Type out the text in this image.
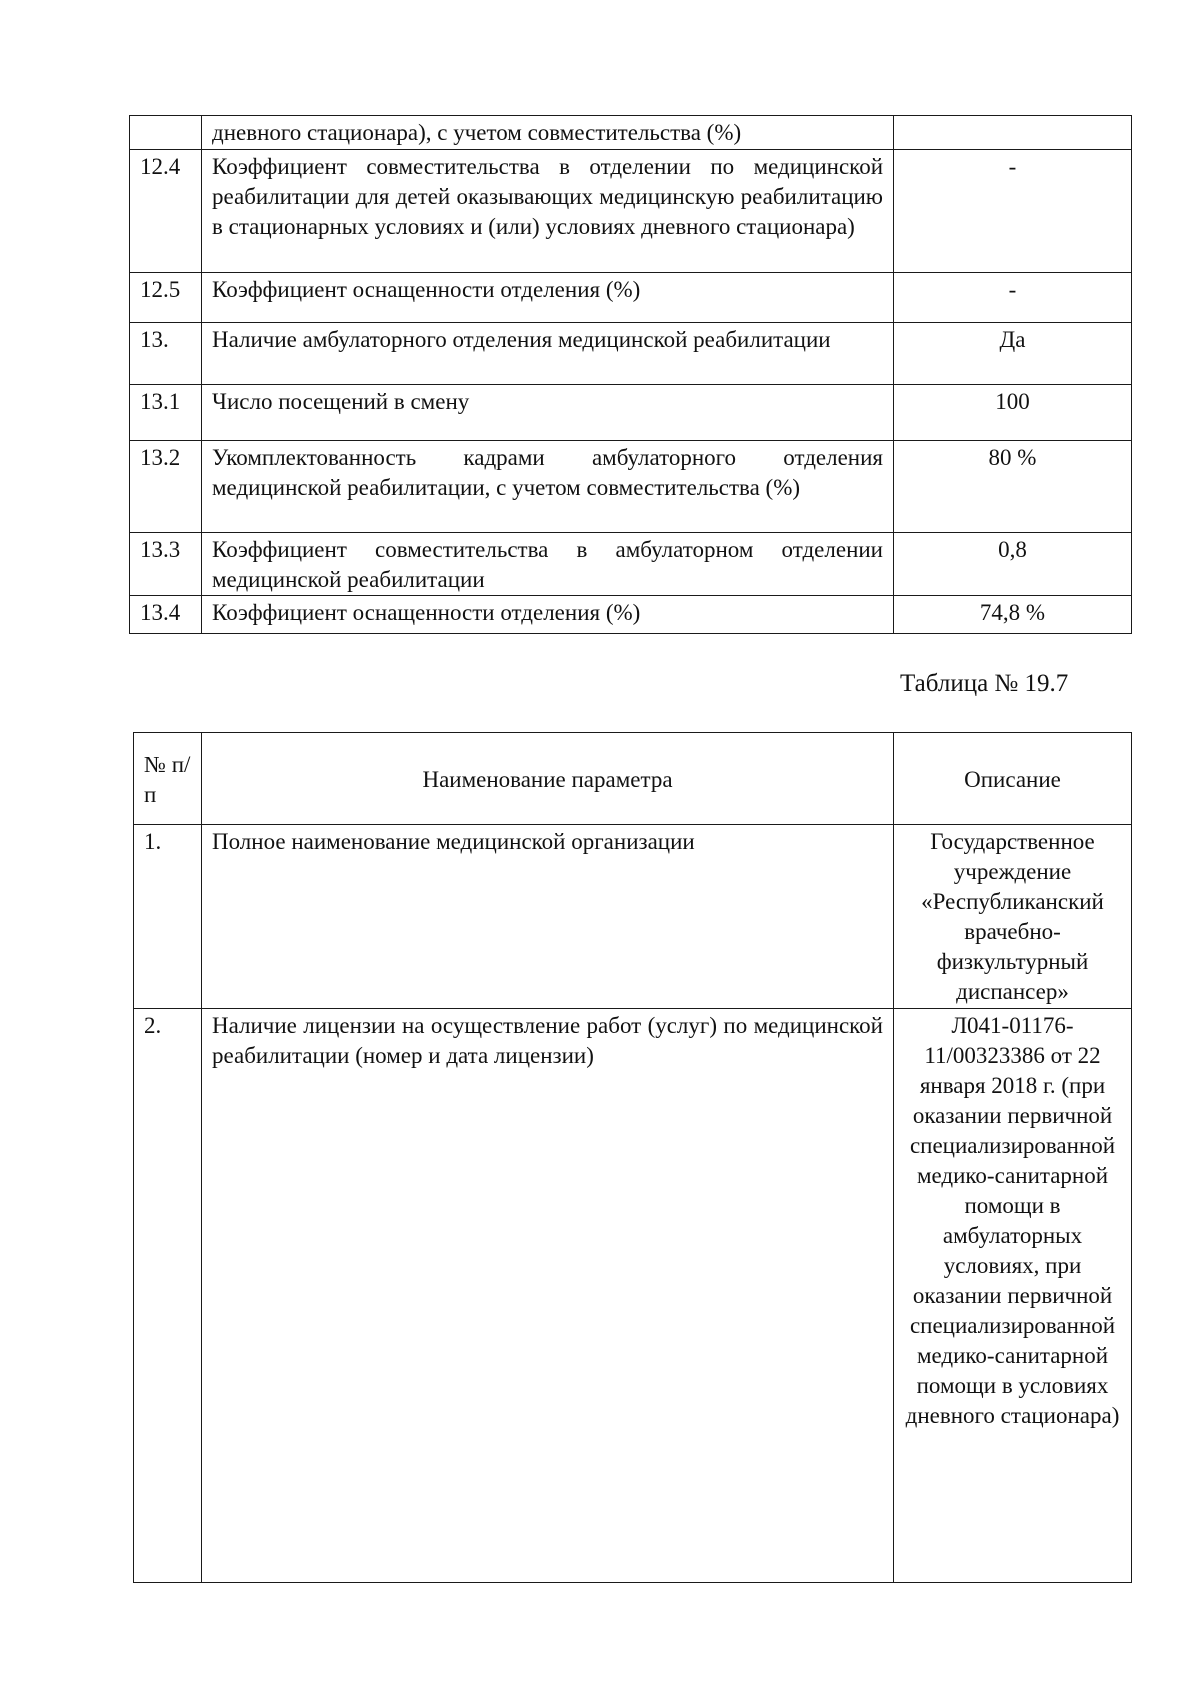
	дневного стационара), с учетом совместительства (%)	
12.4	Коэффициент совместительства в отделении по медицинской реабилитации для детей оказывающих медицинскую реабилитацию в стационарных условиях и (или) условиях дневного стационара)	-
12.5	Коэффициент оснащенности отделения (%)	-
13.	Наличие амбулаторного отделения медицинской реабилитации	Да
13.1	Число посещений в смену	100
13.2	Укомплектованность кадрами амбулаторного отделения медицинской реабилитации, с учетом совместительства (%)	80 %
13.3	Коэффициент совместительства в амбулаторном отделении медицинской реабилитации	0,8
13.4	Коэффициент оснащенности отделения (%)	74,8 %
Таблица № 19.7
№ п/п	Наименование параметра	Описание
1.	Полное наименование медицинской организации	Государственное учреждение «Республиканский врачебно-физкультурный диспансер»
2.	Наличие лицензии на осуществление работ (услуг) по медицинской реабилитации (номер и дата лицензии)	Л041-01176-11/00323386 от 22 января 2018 г. (при оказании первичной специализированной медико-санитарной помощи в амбулаторных условиях, при оказании первичной специализированной медико-санитарной помощи в условиях дневного стационара)
